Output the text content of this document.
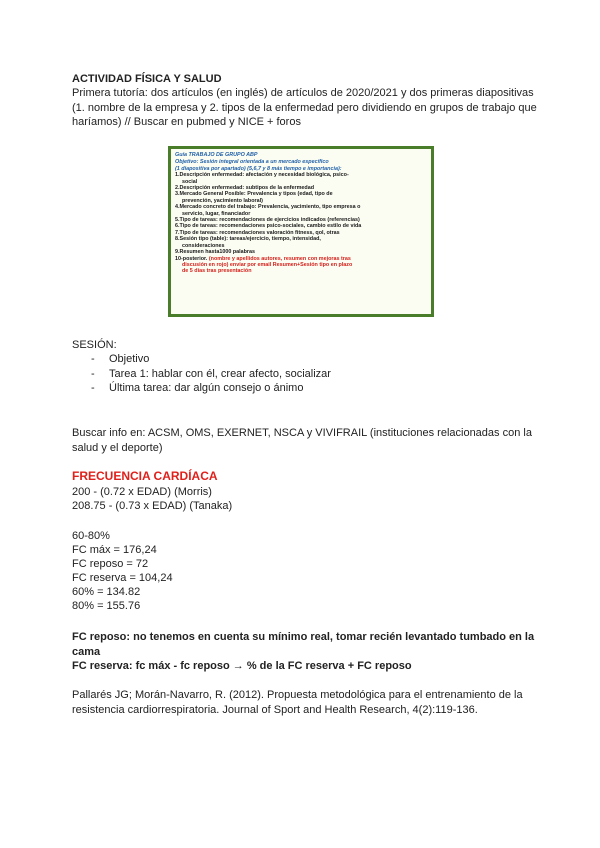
ACTIVIDAD FÍSICA Y SALUD
Primera tutoría: dos artículos (en inglés) de artículos de 2020/2021 y dos primeras diapositivas (1. nombre de la empresa y 2. tipos de la enfermedad pero dividiendo en grupos de trabajo que haríamos) // Buscar en pubmed y NICE + foros
Guía TRABAJO DE GRUPO ABP
Objetivo: Sesión integral orientada a un mercado específico
(1 diapositiva por apartado) (5,6,7 y 8 más tiempo e importancia):
1.Descripción enfermedad: afectación y necesidad biológica, psico-
social
2.Descripción enfermedad: subtipos de la enfermedad
3.Mercado General Posible: Prevalencia y tipos (edad, tipo de
prevención, yacimiento laboral)
4.Mercado concreto del trabajo: Prevalencia, yacimiento, tipo empresa o
servicio, lugar, financiador
5.Tipo de tareas: recomendaciones de ejercicios indicados (referencias)
6.Tipo de tareas: recomendaciones psico-sociales, cambio estilo de vida
7.Tipo de tareas: recomendaciones valoración fitness, qol, otras
8.Sesión tipo (table): tareas/ejercicio, tiempo, intensidad,
consideraciones
9.Resumen hasta1000 palabras
10-posterior. (nombre y apellidos autores, resumen con mejoras tras
discusión en rojo) enviar por email Resumen+Sesión tipo en plazo
de 5 días tras presentación
SESIÓN:
- Objetivo
- Tarea 1: hablar con él, crear afecto, socializar
- Última tarea: dar algún consejo o ánimo
Buscar info en: ACSM, OMS, EXERNET, NSCA y VIVIFRAIL (instituciones relacionadas con la salud y el deporte)
FRECUENCIA CARDÍACA
200 - (0.72 x EDAD) (Morris)
208.75 - (0.73 x EDAD) (Tanaka)
60-80%
FC máx = 176,24
FC reposo = 72
FC reserva = 104,24
60% = 134.82
80% = 155.76
FC reposo: no tenemos en cuenta su mínimo real, tomar recién levantado tumbado en la cama
FC reserva: fc máx - fc reposo → % de la FC reserva + FC reposo
Pallarés JG; Morán-Navarro, R. (2012). Propuesta metodológica para el entrenamiento de la resistencia cardiorrespiratoria. Journal of Sport and Health Research, 4(2):119-136.
